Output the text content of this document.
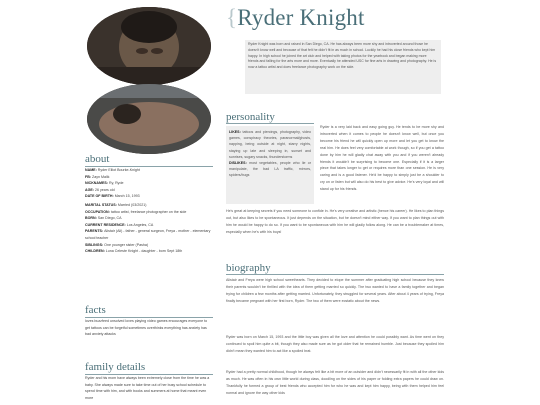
about
NAME: Ryder Elliot Bourke-Knight
FB: Zayn Malik
NICKNAMES: Ry, Ryde
AGE: 26 years old
DATE OF BIRTH: March 15, 1993
MARITAL STATUS: Married (03/2021)
OCCUPATION: tattoo artist, freelance photographer on the side
BORN: San Diego, CA
CURRENT RESIDENCE: Los Angeles, CA
PARENTS: Alistair (Ali) - father - general surgeon, Freya - mother - elementary school teacher
SIBLINGS: One younger sister (Pasha)
CHILDREN: Luna Celeste Knight - daughter - born Sept 18th
facts
loves buzzfeed unsolved loves playing video games encourages everyone to get tattoos can be forgetful sometimes overthinks everything has anxiety has bad anxiety attacks
family details
Ryder and his mom have always been extremely close from the time he was a baby. She always made sure to take time out of her busy school schedule to spend time with him, and with books and summers at home that meant even more
{Ryder Knight
Ryder Knight was born and raised in San Diego, CA. He has always been more shy and introverted around those he doesn't know well and because of that felt he didn't fit in as much in school. Luckily he had his close friends who kept him happy. In high school he joined the art club and helped with taking photos for the yearbook and began making more friends and falling for the arts more and more. Eventually he attended USC for fine arts in drawing and photography. He is now a tattoo artist and does freelance photography work on the side.
personality
LIKES: tattoos and piercings, photography, video games, conspiracy theories, paranormal/ghosts, napping, being outside at night, starry nights, staying up late and sleeping in, sunset and sunrises, sugary snacks, thunderstorms
DISLIKES: most vegetables, people who lie or manipulate, the bad LA traffic, mirrors, spiders/bugs
Ryder is a very laid back and easy going guy. He tends to be more shy and introverted when it comes to people he doesn't know well, but once you become his friend he will quickly open up more and let you get to know the real him. He does feel very comfortable at work though, so if you get a tattoo done by him he will gladly chat away with you and if you weren't already friends it wouldn't be surprising to become one. Especially if it is a larger piece that takes longer to get or requires more than one session. He is very caring and is a good listener. He'd be happy to simply just be a shoulder to cry on or listen but will also do his best to give advice. He's very loyal and will stand up for his friends.
He's great at keeping secrets if you need someone to confide in. He's very creative and artistic (hence his career). He likes to plan things out, but also likes to be spontaneous. It just depends on the situation, but he doesn't mind either way. If you want to plan things out with him he would be happy to do so. If you want to be spontaneous with him he will gladly follow along. He can be a troublemaker at times, especially when he's with his boys!
biography
Alistair and Freya were high school sweethearts. They decided to elope the summer after graduating high school because they knew their parents wouldn't be thrilled with the idea of them getting married so quickly. The two wanted to have a family together and began trying for children a few months after getting married. Unfortunately, they struggled for several years. After about 4 years of trying, Freya finally became pregnant with her first born, Ryder. The two of them were ecstatic about the news.
Ryder was born on March 15, 1993 and the little boy was given all the love and attention he could possibly want. As time went on they continued to spoil him quite a bit, though they also made sure as he got older that he remained humble. Just because they spoiled him didn't mean they wanted him to act like a spoiled brat.
Ryder had a pretty normal childhood, though he always felt like a bit more of an outsider and didn't necessarily fit in with all the other kids as much. He was often in his own little world during class, doodling on the sides of his paper or folding extra papers he could draw on. Thankfully he formed a group of best friends who accepted him for who he was and kept him happy, being with them helped him feel normal and ignore the way other kids
